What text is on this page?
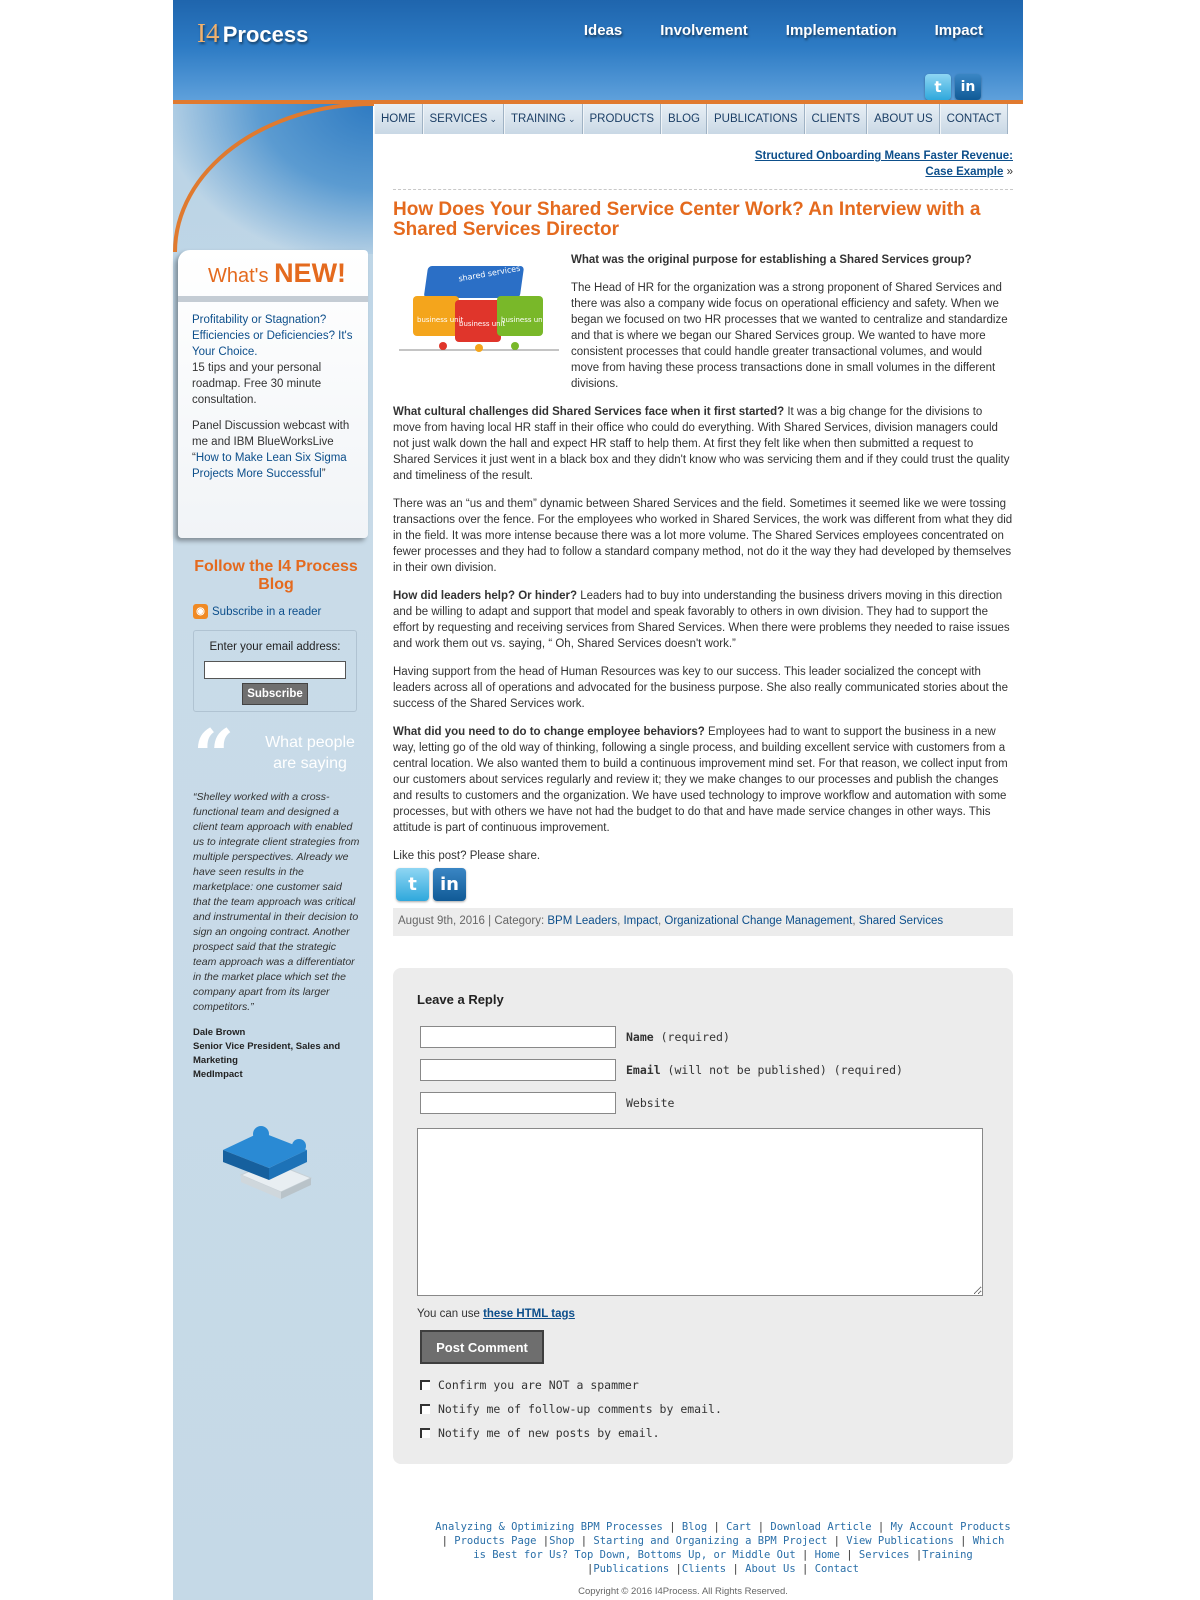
I4 Process	Ideas	Involvement	Implementation	Impact
t	in
What's NEW!

Profitability or Stagnation? Efficiencies or Deficiencies? It's Your Choice.
15 tips and your personal roadmap. Free 30 minute consultation.

Panel Discussion webcast with me and IBM BlueWorksLive “How to Make Lean Six Sigma Projects More Successful”

Follow the I4 Process Blog
◉ Subscribe in a reader
Enter your email address:
Subscribe
“	What people are saying
“Shelley worked with a cross-functional team and designed a client team approach with enabled us to integrate client strategies from multiple perspectives. Already we have seen results in the marketplace: one customer said that the team approach was critical and instrumental in their decision to sign an ongoing contract. Another prospect said that the strategic team approach was a differentiator in the market place which set the company apart from its larger competitors.”
Dale Brown
Senior Vice President, Sales and Marketing
MedImpact
HOME SERVICES ⌄ TRAINING ⌄ PRODUCTS BLOG PUBLICATIONS CLIENTS ABOUT US CONTACT
Structured Onboarding Means Faster Revenue:
Case Example »
How Does Your Shared Service Center Work? An Interview with a Shared Services Director
shared services
business unit
business unit
business unit

What was the original purpose for establishing a Shared Services group?

The Head of HR for the organization was a strong proponent of Shared Services and there was also a company wide focus on operational efficiency and safety. When we began we focused on two HR processes that we wanted to centralize and standardize and that is where we began our Shared Services group. We wanted to have more consistent processes that could handle greater transactional volumes, and would move from having these process transactions done in small volumes in the different divisions.

What cultural challenges did Shared Services face when it first started? It was a big change for the divisions to move from having local HR staff in their office who could do everything. With Shared Services, division managers could not just walk down the hall and expect HR staff to help them. At first they felt like when then submitted a request to Shared Services it just went in a black box and they didn't know who was servicing them and if they could trust the quality and timeliness of the result.

There was an “us and them” dynamic between Shared Services and the field. Sometimes it seemed like we were tossing transactions over the fence. For the employees who worked in Shared Services, the work was different from what they did in the field. It was more intense because there was a lot more volume. The Shared Services employees concentrated on fewer processes and they had to follow a standard company method, not do it the way they had developed by themselves in their own division.

How did leaders help? Or hinder? Leaders had to buy into understanding the business drivers moving in this direction and be willing to adapt and support that model and speak favorably to others in own division. They had to support the effort by requesting and receiving services from Shared Services. When there were problems they needed to raise issues and work them out vs. saying, “ Oh, Shared Services doesn't work.”

Having support from the head of Human Resources was key to our success. This leader socialized the concept with leaders across all of operations and advocated for the business purpose. She also really communicated stories about the success of the Shared Services work.

What did you need to do to change employee behaviors? Employees had to want to support the business in a new way, letting go of the old way of thinking, following a single process, and building excellent service with customers from a central location. We also wanted them to build a continuous improvement mind set. For that reason, we collect input from our customers about services regularly and review it; they we make changes to our processes and publish the changes and results to customers and the organization. We have used technology to improve workflow and automation with some processes, but with others we have not had the budget to do that and have made service changes in other ways. This attitude is part of continuous improvement.

Like this post? Please share.
t	in
August 9th, 2016 | Category: BPM Leaders, Impact, Organizational Change Management, Shared Services
Leave a Reply
Name (required)
Email (will not be published) (required)
Website
You can use these HTML tags
Post Comment
Confirm you are NOT a spammer
Notify me of follow-up comments by email.
Notify me of new posts by email.
Analyzing & Optimizing BPM Processes | Blog | Cart | Download Article | My Account Products | Products Page |Shop | Starting and Organizing a BPM Project | View Publications | Which is Best for Us? Top Down, Bottoms Up, or Middle Out | Home | Services |Training |Publications |Clients | About Us | Contact
Copyright © 2016 I4Process. All Rights Reserved.
